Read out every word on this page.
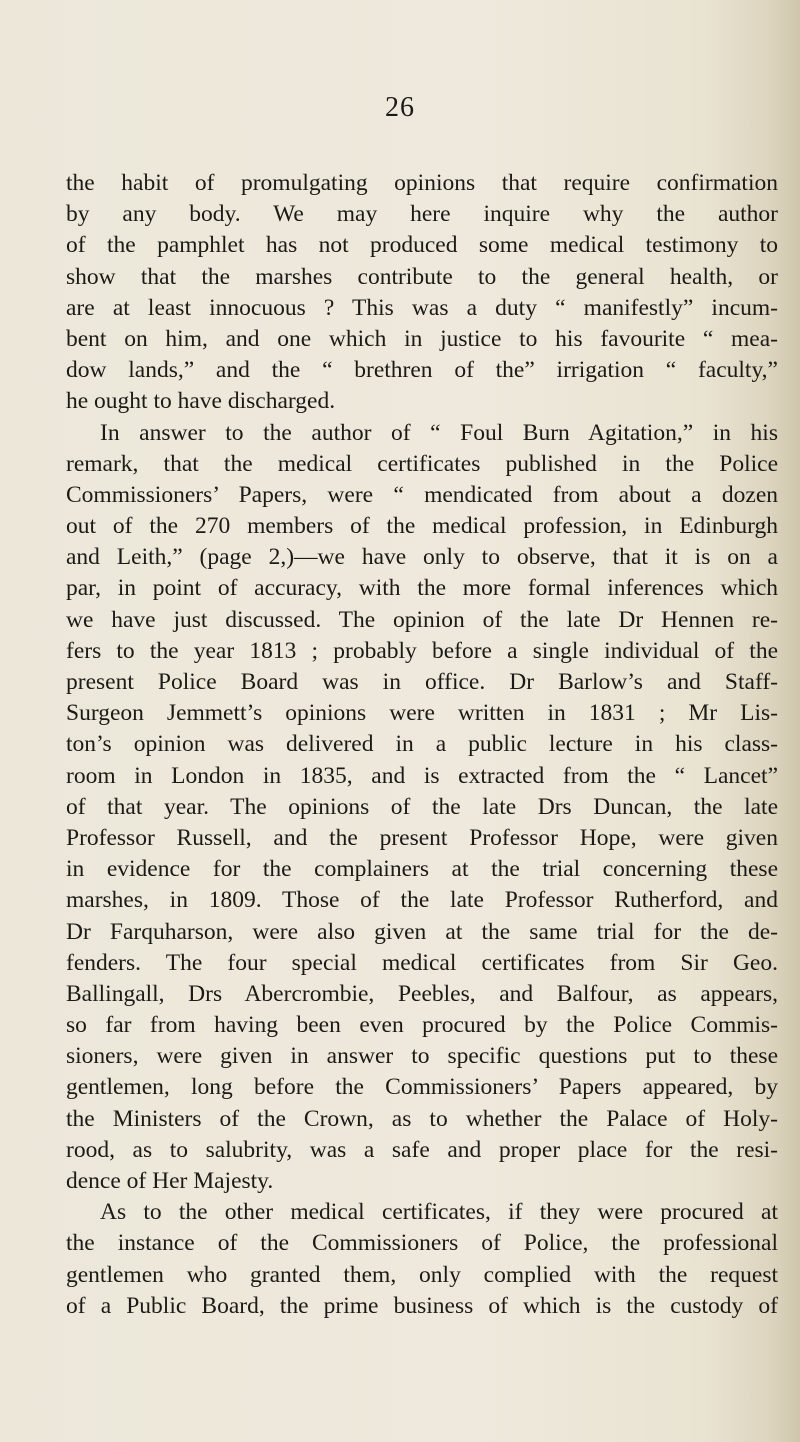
26
the habit of promulgating opinions that require confirmation
by any body. We may here inquire why the author
of the pamphlet has not produced some medical testimony to
show that the marshes contribute to the general health, or
are at least innocuous ? This was a duty “ manifestly” incum-
bent on him, and one which in justice to his favourite “ mea-
dow lands,” and the “ brethren of the” irrigation “ faculty,”
he ought to have discharged.
In answer to the author of “ Foul Burn Agitation,” in his
remark, that the medical certificates published in the Police
Commissioners’ Papers, were “ mendicated from about a dozen
out of the 270 members of the medical profession, in Edinburgh
and Leith,” (page 2,)—we have only to observe, that it is on a
par, in point of accuracy, with the more formal inferences which
we have just discussed. The opinion of the late Dr Hennen re-
fers to the year 1813 ; probably before a single individual of the
present Police Board was in office. Dr Barlow’s and Staff-
Surgeon Jemmett’s opinions were written in 1831 ; Mr Lis-
ton’s opinion was delivered in a public lecture in his class-
room in London in 1835, and is extracted from the “ Lancet”
of that year. The opinions of the late Drs Duncan, the late
Professor Russell, and the present Professor Hope, were given
in evidence for the complainers at the trial concerning these
marshes, in 1809. Those of the late Professor Rutherford, and
Dr Farquharson, were also given at the same trial for the de-
fenders. The four special medical certificates from Sir Geo.
Ballingall, Drs Abercrombie, Peebles, and Balfour, as appears,
so far from having been even procured by the Police Commis-
sioners, were given in answer to specific questions put to these
gentlemen, long before the Commissioners’ Papers appeared, by
the Ministers of the Crown, as to whether the Palace of Holy-
rood, as to salubrity, was a safe and proper place for the resi-
dence of Her Majesty.
As to the other medical certificates, if they were procured at
the instance of the Commissioners of Police, the professional
gentlemen who granted them, only complied with the request
of a Public Board, the prime business of which is the custody of
